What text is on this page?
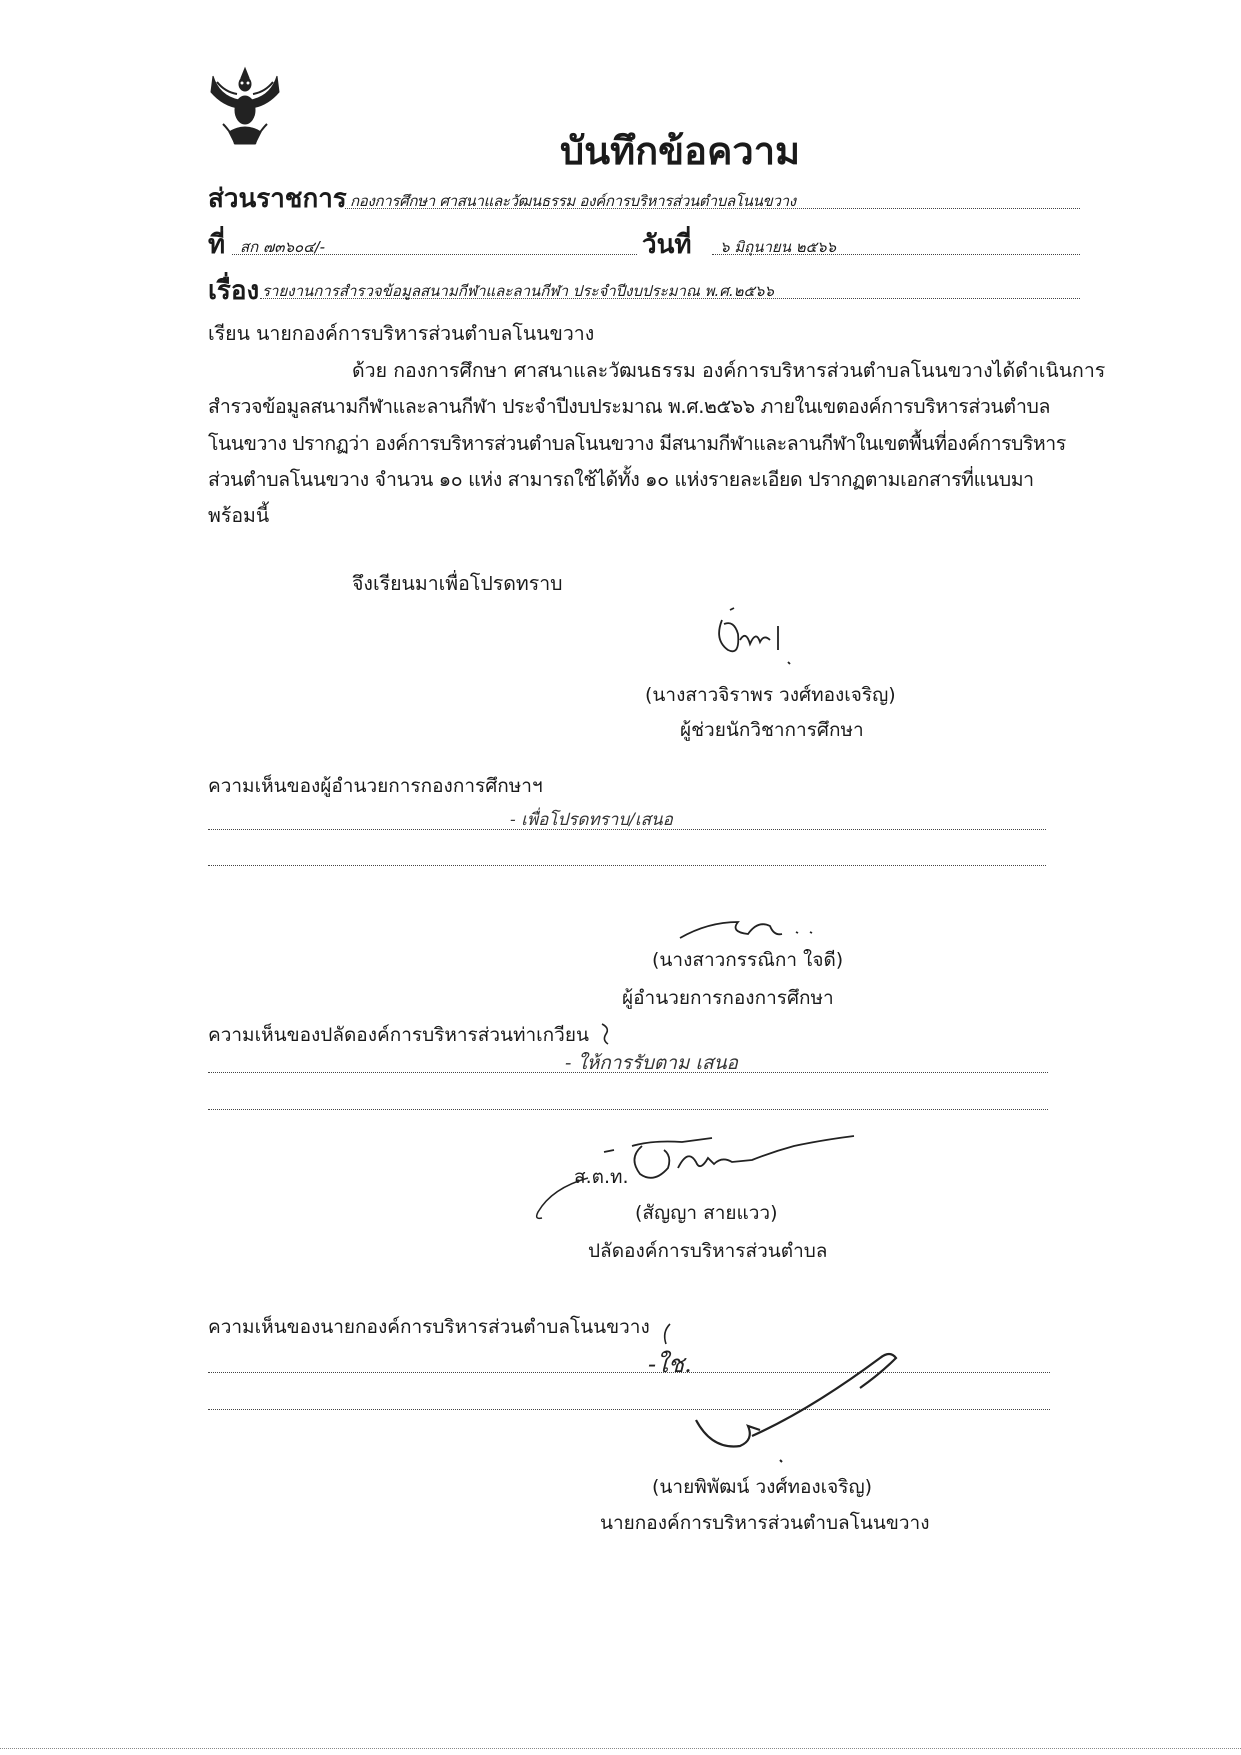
บันทึกข้อความ
ส่วนราชการ กองการศึกษา ศาสนาและวัฒนธรรม องค์การบริหารส่วนตำบลโนนขวาง
ที่ สก ๗๓๖๐๔/-	วันที่ ๖ มิถุนายน ๒๕๖๖
เรื่อง รายงานการสำรวจข้อมูลสนามกีฬาและลานกีฬา ประจำปีงบประมาณ พ.ศ.๒๕๖๖
เรียน นายกองค์การบริหารส่วนตำบลโนนขวาง
ด้วย กองการศึกษา ศาสนาและวัฒนธรรม องค์การบริหารส่วนตำบลโนนขวางได้ดำเนินการ
สำรวจข้อมูลสนามกีฬาและลานกีฬา ประจำปีงบประมาณ พ.ศ.๒๕๖๖ ภายในเขตองค์การบริหารส่วนตำบล
โนนขวาง ปรากฏว่า องค์การบริหารส่วนตำบลโนนขวาง มีสนามกีฬาและลานกีฬาในเขตพื้นที่องค์การบริหาร
ส่วนตำบลโนนขวาง จำนวน ๑๐ แห่ง สามารถใช้ได้ทั้ง ๑๐ แห่งรายละเอียด ปรากฏตามเอกสารที่แนบมา
พร้อมนี้
จึงเรียนมาเพื่อโปรดทราบ
(นางสาวจิราพร วงศ์ทองเจริญ)
ผู้ช่วยนักวิชาการศึกษา
ความเห็นของผู้อำนวยการกองการศึกษาฯ
- เพื่อโปรดทราบ/เสนอ
(นางสาวกรรณิกา ใจดี)
ผู้อำนวยการกองการศึกษา
ความเห็นของปลัดองค์การบริหารส่วนท่าเกวียน
- ให้การรับตาม เสนอ
ส.ต.ท.
(สัญญา สายแวว)
ปลัดองค์การบริหารส่วนตำบล
ความเห็นของนายกองค์การบริหารส่วนตำบลโนนขวาง
-ใช.
(นายพิพัฒน์ วงศ์ทองเจริญ)
นายกองค์การบริหารส่วนตำบลโนนขวาง
